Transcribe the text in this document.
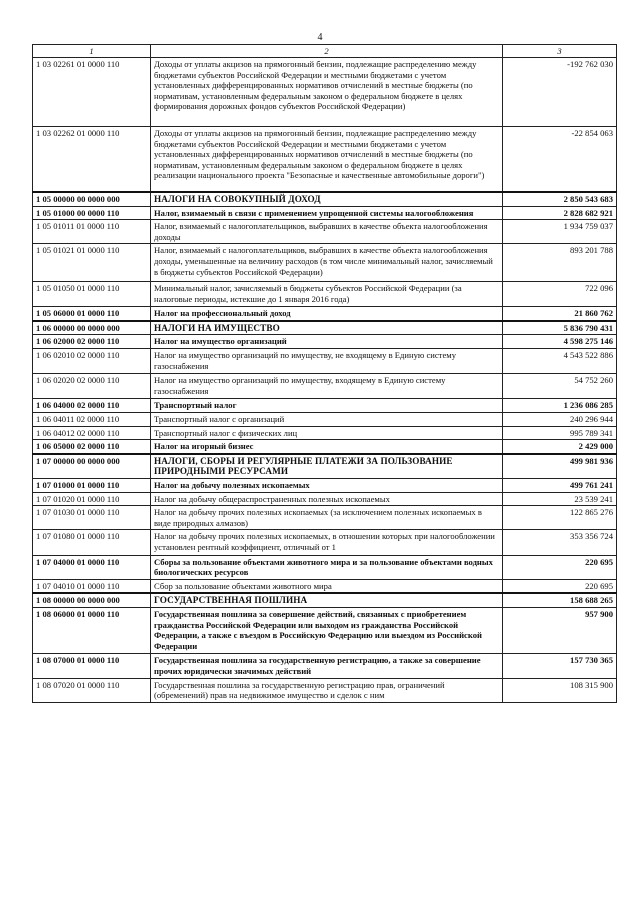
4
1	2	3
1 03 02261 01 0000 110	Доходы от уплаты акцизов на прямогонный бензин, подлежащие распределению между бюджетами субъектов Российской Федерации и местными бюджетами с учетом установленных дифференцированных нормативов отчислений в местные бюджеты (по нормативам, установленным федеральным законом о федеральном бюджете в целях формирования дорожных фондов субъектов Российской Федерации)	-192 762 030
1 03 02262 01 0000 110	Доходы от уплаты акцизов на прямогонный бензин, подлежащие распределению между бюджетами субъектов Российской Федерации и местными бюджетами с учетом установленных дифференцированных нормативов отчислений в местные бюджеты (по нормативам, установленным федеральным законом о федеральном бюджете в целях реализации национального проекта "Безопасные и качественные автомобильные дороги")	-22 854 063
1 05 00000 00 0000 000	НАЛОГИ НА СОВОКУПНЫЙ ДОХОД	2 850 543 683
1 05 01000 00 0000 110	Налог, взимаемый в связи с применением упрощенной системы налогообложения	2 828 682 921
1 05 01011 01 0000 110	Налог, взимаемый с налогоплательщиков, выбравших в качестве объекта налогообложения доходы	1 934 759 037
1 05 01021 01 0000 110	Налог, взимаемый с налогоплательщиков, выбравших в качестве объекта налогообложения доходы, уменьшенные на величину расходов (в том числе минимальный налог, зачисляемый в бюджеты субъектов Российской Федерации)	893 201 788
1 05 01050 01 0000 110	Минимальный налог, зачисляемый в бюджеты субъектов Российской Федерации (за налоговые периоды, истекшие до 1 января 2016 года)	722 096
1 05 06000 01 0000 110	Налог на профессиональный доход	21 860 762
1 06 00000 00 0000 000	НАЛОГИ НА ИМУЩЕСТВО	5 836 790 431
1 06 02000 02 0000 110	Налог на имущество организаций	4 598 275 146
1 06 02010 02 0000 110	Налог на имущество организаций по имуществу, не входящему в Единую систему газоснабжения	4 543 522 886
1 06 02020 02 0000 110	Налог на имущество организаций по имуществу, входящему в Единую систему газоснабжения	54 752 260
1 06 04000 02 0000 110	Транспортный налог	1 236 086 285
1 06 04011 02 0000 110	Транспортный налог с организаций	240 296 944
1 06 04012 02 0000 110	Транспортный налог с физических лиц	995 789 341
1 06 05000 02 0000 110	Налог на игорный бизнес	2 429 000
1 07 00000 00 0000 000	НАЛОГИ, СБОРЫ И РЕГУЛЯРНЫЕ ПЛАТЕЖИ ЗА ПОЛЬЗОВАНИЕ ПРИРОДНЫМИ РЕСУРСАМИ	499 981 936
1 07 01000 01 0000 110	Налог на добычу полезных ископаемых	499 761 241
1 07 01020 01 0000 110	Налог на добычу общераспространенных полезных ископаемых	23 539 241
1 07 01030 01 0000 110	Налог на добычу прочих полезных ископаемых (за исключением полезных ископаемых в виде природных алмазов)	122 865 276
1 07 01080 01 0000 110	Налог на добычу прочих полезных ископаемых, в отношении которых при налогообложении установлен рентный коэффициент, отличный от 1	353 356 724
1 07 04000 01 0000 110	Сборы за пользование объектами животного мира и за пользование объектами водных биологических ресурсов	220 695
1 07 04010 01 0000 110	Сбор за пользование объектами животного мира	220 695
1 08 00000 00 0000 000	ГОСУДАРСТВЕННАЯ ПОШЛИНА	158 688 265
1 08 06000 01 0000 110	Государственная пошлина за совершение действий, связанных с приобретением гражданства Российской Федерации или выходом из гражданства Российской Федерации, а также с въездом в Российскую Федерацию или выездом из Российской Федерации	957 900
1 08 07000 01 0000 110	Государственная пошлина за государственную регистрацию, а также за совершение прочих юридически значимых действий	157 730 365
1 08 07020 01 0000 110	Государственная пошлина за государственную регистрацию прав, ограничений (обременений) прав на недвижимое имущество и сделок с ним	108 315 900
